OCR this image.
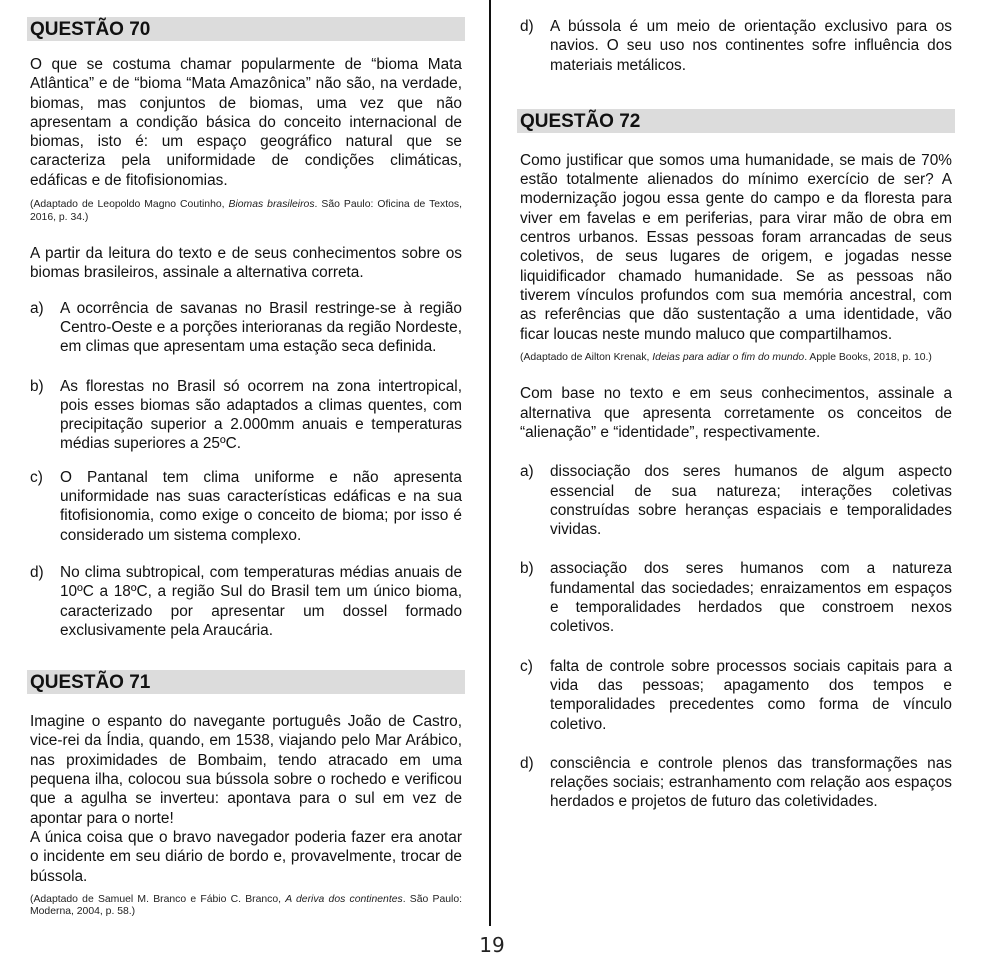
QUESTÃO 70

O que se costuma chamar popularmente de “bioma Mata Atlântica” e de “bioma “Mata Amazônica” não são, na verdade, biomas, mas conjuntos de biomas, uma vez que não apresentam a condição básica do conceito internacional de biomas, isto é: um espaço geográfico natural que se caracteriza pela uniformidade de condições climáticas, edáficas e de fitofisionomias.

(Adaptado de Leopoldo Magno Coutinho, Biomas brasileiros. São Paulo: Oficina de Textos, 2016, p. 34.)

A partir da leitura do texto e de seus conhecimentos sobre os biomas brasileiros, assinale a alternativa correta.

a)	A ocorrência de savanas no Brasil restringe-se à região Centro-Oeste e a porções interioranas da região Nordeste, em climas que apresentam uma estação seca definida.
b)	As florestas no Brasil só ocorrem na zona intertropical, pois esses biomas são adaptados a climas quentes, com precipitação superior a 2.000mm anuais e temperaturas médias superiores a 25ºC.
c)	O Pantanal tem clima uniforme e não apresenta uniformidade nas suas características edáficas e na sua fitofisionomia, como exige o conceito de bioma; por isso é considerado um sistema complexo.
d)	No clima subtropical, com temperaturas médias anuais de 10ºC a 18ºC, a região Sul do Brasil tem um único bioma, caracterizado por apresentar um dossel formado exclusivamente pela Araucária.
QUESTÃO 71

Imagine o espanto do navegante português João de Castro, vice-rei da Índia, quando, em 1538, viajando pelo Mar Arábico, nas proximidades de Bombaim, tendo atracado em uma pequena ilha, colocou sua bússola sobre o rochedo e verificou que a agulha se inverteu: apontava para o sul em vez de apontar para o norte!

A única coisa que o bravo navegador poderia fazer era anotar o incidente em seu diário de bordo e, provavelmente, trocar de bússola.

(Adaptado de Samuel M. Branco e Fábio C. Branco, A deriva dos continentes. São Paulo: Moderna, 2004, p. 58.)

d)	A bússola é um meio de orientação exclusivo para os navios. O seu uso nos continentes sofre influência dos materiais metálicos.
QUESTÃO 72

Como justificar que somos uma humanidade, se mais de 70% estão totalmente alienados do mínimo exercício de ser? A modernização jogou essa gente do campo e da floresta para viver em favelas e em periferias, para virar mão de obra em centros urbanos. Essas pessoas foram arrancadas de seus coletivos, de seus lugares de origem, e jogadas nesse liquidificador chamado humanidade. Se as pessoas não tiverem vínculos profundos com sua memória ancestral, com as referências que dão sustentação a uma identidade, vão ficar loucas neste mundo maluco que compartilhamos.

(Adaptado de Ailton Krenak, Ideias para adiar o fim do mundo. Apple Books, 2018, p. 10.)

Com base no texto e em seus conhecimentos, assinale a alternativa que apresenta corretamente os conceitos de “alienação” e “identidade”, respectivamente.

a)	dissociação dos seres humanos de algum aspecto essencial de sua natureza; interações coletivas construídas sobre heranças espaciais e temporalidades vividas.
b)	associação dos seres humanos com a natureza fundamental das sociedades; enraizamentos em espaços e temporalidades herdados que constroem nexos coletivos.
c)	falta de controle sobre processos sociais capitais para a vida das pessoas; apagamento dos tempos e temporalidades precedentes como forma de vínculo coletivo.
d)	consciência e controle plenos das transformações nas relações sociais; estranhamento com relação aos espaços herdados e projetos de futuro das coletividades.
19
